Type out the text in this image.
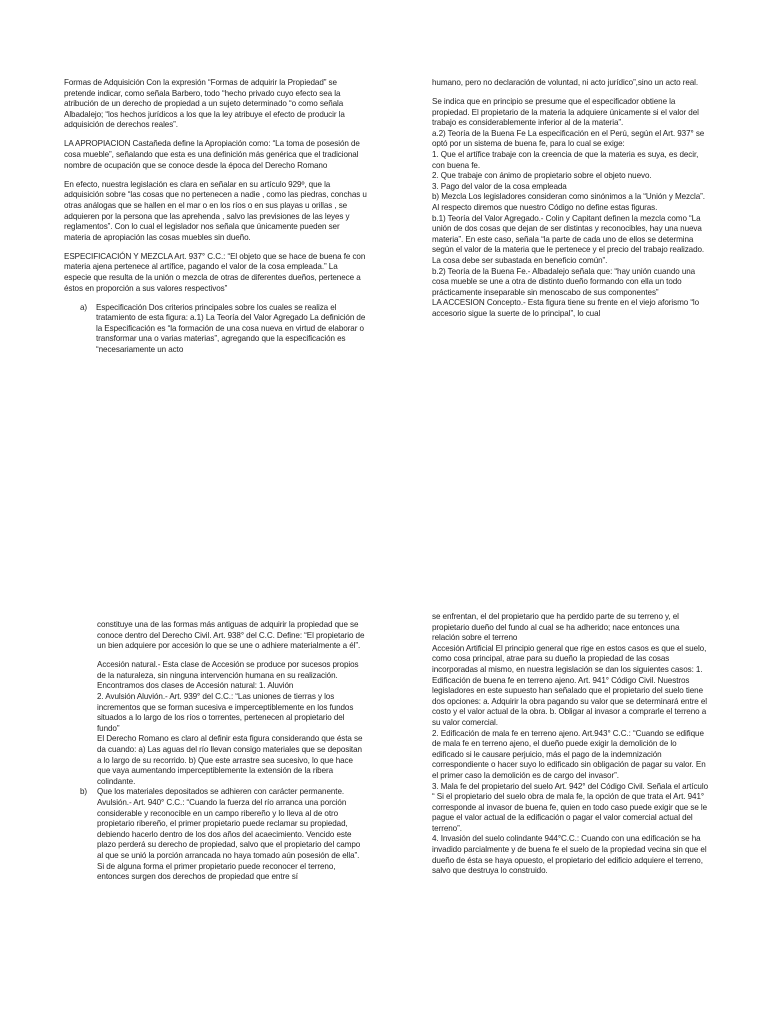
Formas de Adquisición Con la expresión “Formas de adquirir la Propiedad” se pretende indicar, como señala Barbero, todo “hecho privado cuyo efecto sea la atribución de un derecho de propiedad a un sujeto determinado “o como señala Albadalejo; “los hechos jurídicos a los que la ley atribuye el efecto de producir la adquisición de derechos reales”.

LA APROPIACION Castañeda define la Apropiación como: “La toma de posesión de cosa mueble”, señalando que esta es una definición más genérica que el tradicional nombre de ocupación que se conoce desde la época del Derecho Romano

En efecto, nuestra legislación es clara en señalar en su artículo 929º, que la adquisición sobre “las cosas que no pertenecen a nadie , como las piedras, conchas u otras análogas que se hallen en el mar o en los ríos o en sus playas u orillas , se adquieren por la persona que las aprehenda , salvo las previsiones de las leyes y reglamentos”. Con lo cual el legislador nos señala que únicamente pueden ser materia de apropiación las cosas muebles sin dueño.

ESPECIFICACIÓN Y MEZCLA Art. 937° C.C.: “El objeto que se hace de buena fe con materia ajena pertenece al artífice, pagando el valor de la cosa empleada.” La especie que resulta de la unión o mezcla de otras de diferentes dueños, pertenece a éstos en proporción a sus valores respectivos”

a) Especificación Dos criterios principales sobre los cuales se realiza el tratamiento de esta figura: a.1) La Teoría del Valor Agregado La definición de la Especificación es “la formación de una cosa nueva en virtud de elaborar o transformar una o varias materias”, agregando que la especificación es “necesariamente un acto

humano, pero no declaración de voluntad, ni acto jurídico”,sino un acto real.

Se indica que en principio se presume que el especificador obtiene la propiedad. El propietario de la materia la adquiere únicamente si el valor del trabajo es considerablemente inferior al de la materia”.

a.2) Teoría de la Buena Fe La especificación en el Perú, según el Art. 937° se optó por un sistema de buena fe, para lo cual se exige:

1. Que el artífice trabaje con la creencia de que la materia es suya, es decir, con buena fe.

2. Que trabaje con ánimo de propietario sobre el objeto nuevo.

3. Pago del valor de la cosa empleada

b) Mezcla Los legisladores consideran como sinónimos a la “Unión y Mezcla”. Al respecto diremos que nuestro Código no define estas figuras.

b.1) Teoría del Valor Agregado.- Colin y Capitant definen la mezcla como “La unión de dos cosas que dejan de ser distintas y reconocibles, hay una nueva materia”. En este caso, señala “la parte de cada uno de ellos se determina según el valor de la materia que le pertenece y el precio del trabajo realizado. La cosa debe ser subastada en beneficio común”.

b.2) Teoría de la Buena Fe.- Albadalejo señala que: “hay unión cuando una cosa mueble se une a otra de distinto dueño formando con ella un todo prácticamente inseparable sin menoscabo de sus componentes”

LA ACCESION Concepto.- Esta figura tiene su frente en el viejo aforismo “lo accesorio sigue la suerte de lo principal”, lo cual

constituye una de las formas más antiguas de adquirir la propiedad que se conoce dentro del Derecho Civil. Art. 938° del C.C. Define: “El propietario de un bien adquiere por accesión lo que se une o adhiere materialmente a él”.

Accesión natural.- Esta clase de Accesión se produce por sucesos propios de la naturaleza, sin ninguna intervención humana en su realización. Encontramos dos clases de Accesión natural: 1. Aluvión

2. Avulsión Aluvión.- Art. 939° del C.C.: “Las uniones de tierras y los incrementos que se forman sucesiva e imperceptiblemente en los fundos situados a lo largo de los ríos o torrentes, pertenecen al propietario del fundo”

El Derecho Romano es claro al definir esta figura considerando que ésta se da cuando: a) Las aguas del río llevan consigo materiales que se depositan a lo largo de su recorrido. b) Que este arrastre sea sucesivo, lo que hace que vaya aumentando imperceptiblemente la extensión de la ribera colindante.

b) Que los materiales depositados se adhieren con carácter permanente.

Avulsión.- Art. 940° C.C.: “Cuando la fuerza del río arranca una porción considerable y reconocible en un campo ribereño y lo lleva al de otro propietario ribereño, el primer propietario puede reclamar su propiedad, debiendo hacerlo dentro de los dos años del acaecimiento. Vencido este plazo perderá su derecho de propiedad, salvo que el propietario del campo al que se unió la porción arrancada no haya tomado aún posesión de ella”.

Si de alguna forma el primer propietario puede reconocer el terreno, entonces surgen dos derechos de propiedad que entre sí

se enfrentan, el del propietario que ha perdido parte de su terreno y, el propietario dueño del fundo al cual se ha adherido; nace entonces una relación sobre el terreno

Accesión Artificial El principio general que rige en estos casos es que el suelo, como cosa principal, atrae para su dueño la propiedad de las cosas incorporadas al mismo, en nuestra legislación se dan los siguientes casos: 1. Edificación de buena fe en terreno ajeno. Art. 941° Código Civil. Nuestros legisladores en este supuesto han señalado que el propietario del suelo tiene dos opciones: a. Adquirir la obra pagando su valor que se determinará entre el costo y el valor actual de la obra. b. Obligar al invasor a comprarle el terreno a su valor comercial.

2. Edificación de mala fe en terreno ajeno. Art.943° C.C.: “Cuando se edifique de mala fe en terreno ajeno, el dueño puede exigir la demolición de lo edificado si le causare perjuicio, más el pago de la indemnización correspondiente o hacer suyo lo edificado sin obligación de pagar su valor. En el primer caso la demolición es de cargo del invasor”.

3. Mala fe del propietario del suelo Art. 942° del Código Civil. Señala el artículo “ Si el propietario del suelo obra de mala fe, la opción de que trata el Art. 941° corresponde al invasor de buena fe, quien en todo caso puede exigir que se le pague el valor actual de la edificación o pagar el valor comercial actual del terreno”.

4. Invasión del suelo colindante 944°C.C.: Cuando con una edificación se ha invadido parcialmente y de buena fe el suelo de la propiedad vecina sin que el dueño de ésta se haya opuesto, el propietario del edificio adquiere el terreno, salvo que destruya lo construido.
